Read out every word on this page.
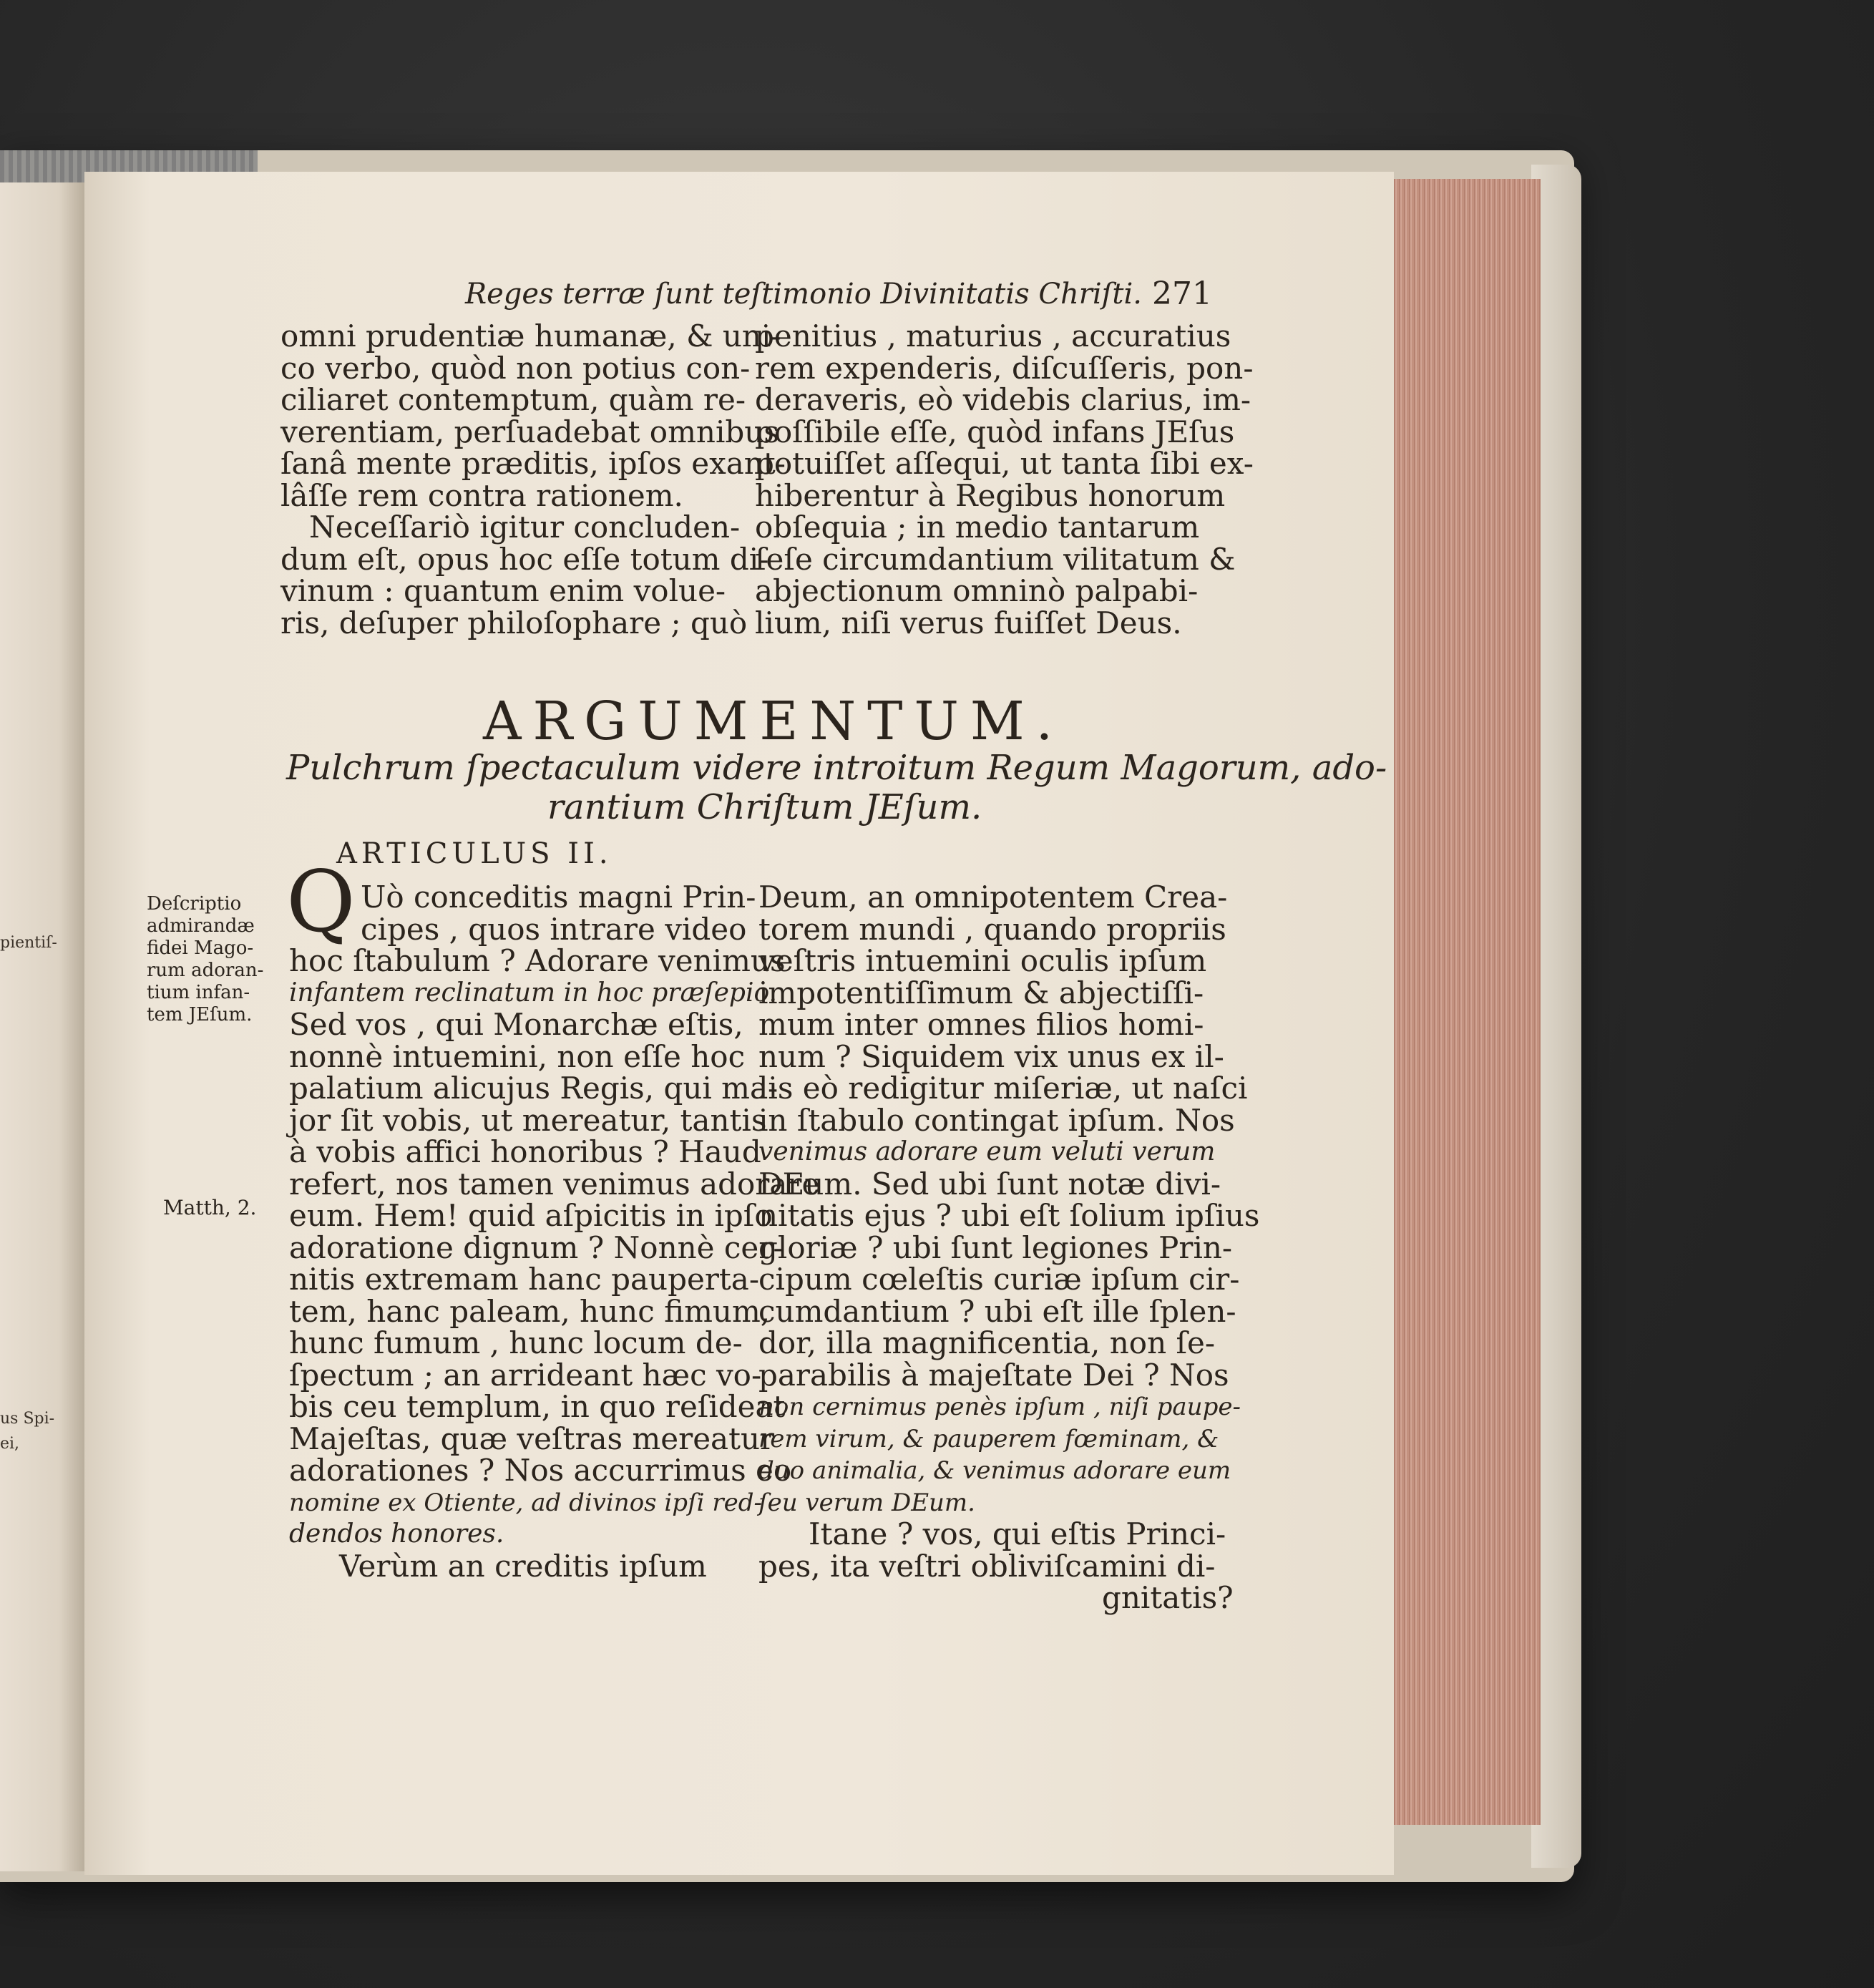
pientiſ-
us Spi-
ei,
Reges terræ ſunt teſtimonio Divinitatis Chriſti. 271
omni prudentiæ humanæ, & uni-
co verbo, quòd non potius con-
ciliaret contemptum, quàm re-
verentiam, perſuadebat omnibus
ſanâ mente præditis, ipſos exant-
lâſſe rem contra rationem.
Neceſſariò igitur concluden-
dum eſt, opus hoc eſſe totum di-
vinum : quantum enim volue-
ris, deſuper philoſophare ; quò
penitius , maturius , accuratius
rem expenderis, diſcuſſeris, pon-
deraveris, eò videbis clarius, im-
poſſibile eſſe, quòd infans JEſus
potuiſſet aſſequi, ut tanta ſibi ex-
hiberentur à Regibus honorum
obſequia ; in medio tantarum
ſeſe circumdantium vilitatum &
abjectionum omninò palpabi-
lium, niſi verus fuiſſet Deus.
ARGUMENTUM.
Pulchrum ſpectaculum videre introitum Regum Magorum, ado-
rantium Chriſtum JEſum.
ARTICULUS II.
Deſcriptio
admirandæ
fidei Mago-
rum adoran-
tium infan-
tem JEſum.
Matth, 2.
Q Uò conceditis magni Prin-
cipes , quos intrare video
hoc ſtabulum ? Adorare venimus
infantem reclinatum in hoc præſepio.
Sed vos , qui Monarchæ eſtis,
nonnè intuemini, non eſſe hoc
palatium alicujus Regis, qui ma-
jor ſit vobis, ut mereatur, tantis
à vobis affici honoribus ? Haud
refert, nos tamen venimus adorare
eum. Hem! quid aſpicitis in ipſo
adoratione dignum ? Nonnè cer-
nitis extremam hanc pauperta-
tem, hanc paleam, hunc fimum,
hunc fumum , hunc locum de-
ſpectum ; an arrideant hæc vo-
bis ceu templum, in quo reſideat
Majeſtas, quæ veſtras mereatur
adorationes ? Nos accurrimus eo
nomine ex Otiente, ad divinos ipſi red-
dendos honores.
Verùm an creditis ipſum
Deum, an omnipotentem Crea-
torem mundi , quando propriis
veſtris intuemini oculis ipſum
impotentiſſimum & abjectiſſi-
mum inter omnes filios homi-
num ? Siquidem vix unus ex il-
lis eò redigitur miſeriæ, ut naſci
in ſtabulo contingat ipſum. Nos
venimus adorare eum veluti verum
DEum. Sed ubi ſunt notæ divi-
nitatis ejus ? ubi eſt ſolium ipſius
gloriæ ? ubi ſunt legiones Prin-
cipum cœleſtis curiæ ipſum cir-
cumdantium ? ubi eſt ille ſplen-
dor, illa magnificentia, non ſe-
parabilis à majeſtate Dei ? Nos
non cernimus penès ipſum , niſi paupe-
rem virum, & pauperem fœminam, &
duo animalia, & venimus adorare eum
ſeu verum DEum.
Itane ? vos, qui eſtis Princi-
pes, ita veſtri obliviſcamini di-
gnitatis?
